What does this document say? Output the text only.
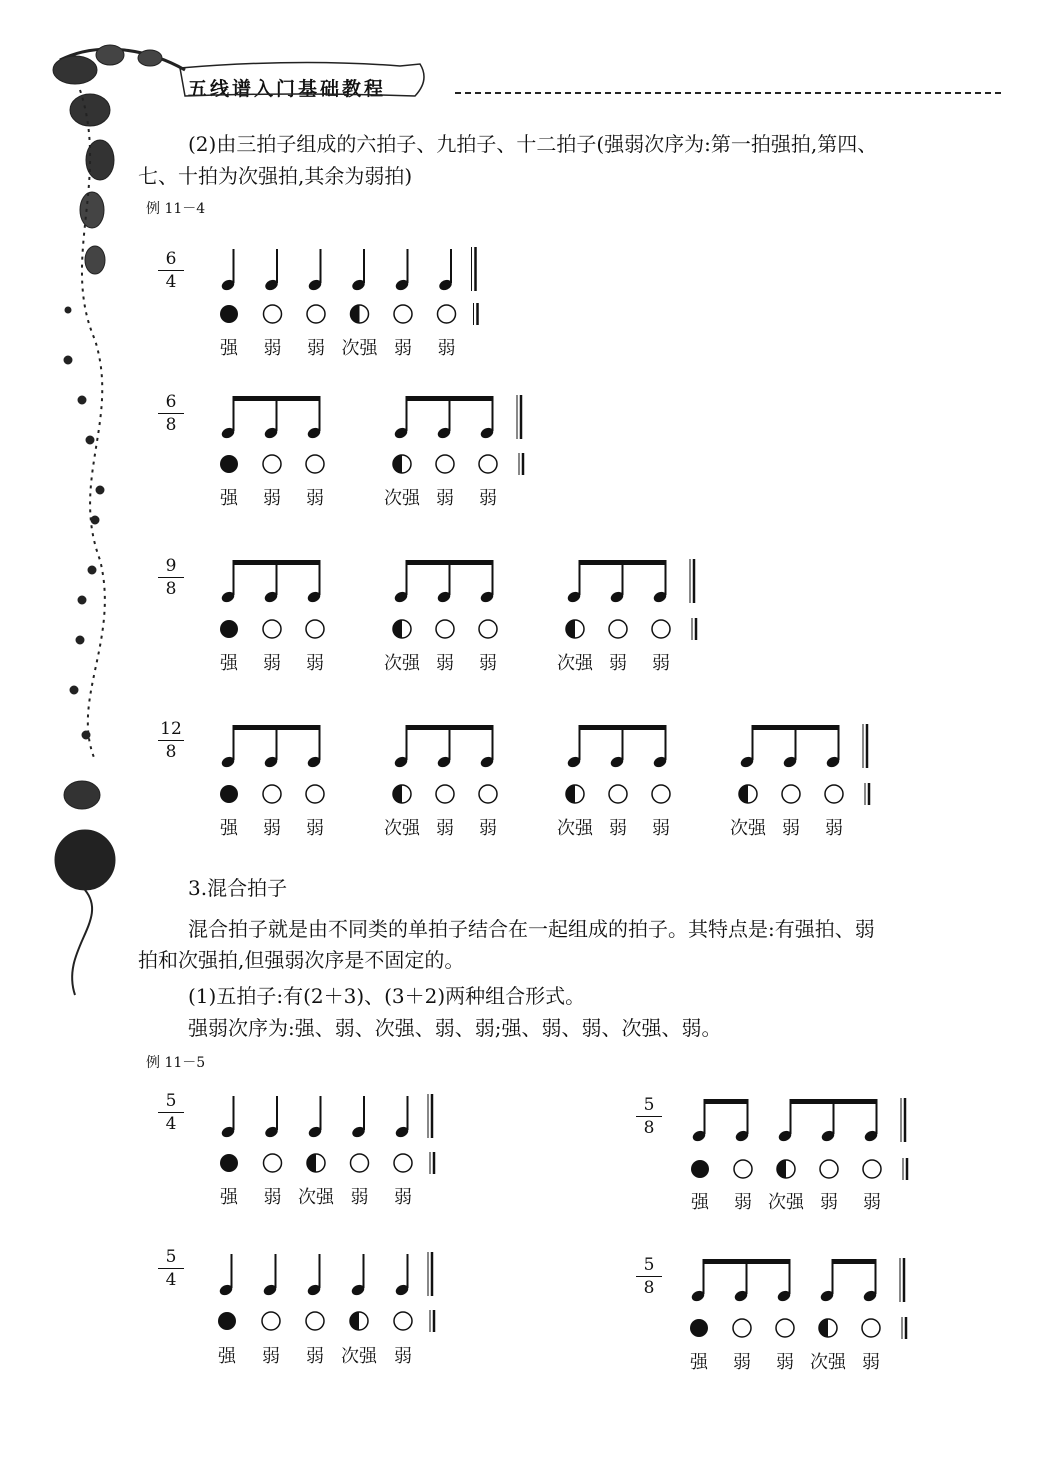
五线谱入门基础教程
(2)由三拍子组成的六拍子、九拍子、十二拍子(强弱次序为:第一拍强拍,第四、
七、十拍为次强拍,其余为弱拍)
例 11－4
3.混合拍子
混合拍子就是由不同类的单拍子结合在一起组成的拍子。其特点是:有强拍、弱
拍和次强拍,但强弱次序是不固定的。
(1)五拍子:有(2＋3)、(3＋2)两种组合形式。
强弱次序为:强、弱、次强、弱、弱;强、弱、弱、次强、弱。
例 11－5
6
4
强	弱	弱 次强 弱	弱
6
8
强	弱	弱	次强 弱	弱
9
8
强	弱	弱	次强 弱	弱	次强 弱	弱
12
8
强	弱	弱	次强 弱	弱	次强 弱	弱	次强 弱	弱
5
4
强	弱 次强 弱	弱
5
8
强	弱 次强 弱	弱
5
4
强	弱	弱 次强 弱
5
8
强	弱	弱 次强 弱
